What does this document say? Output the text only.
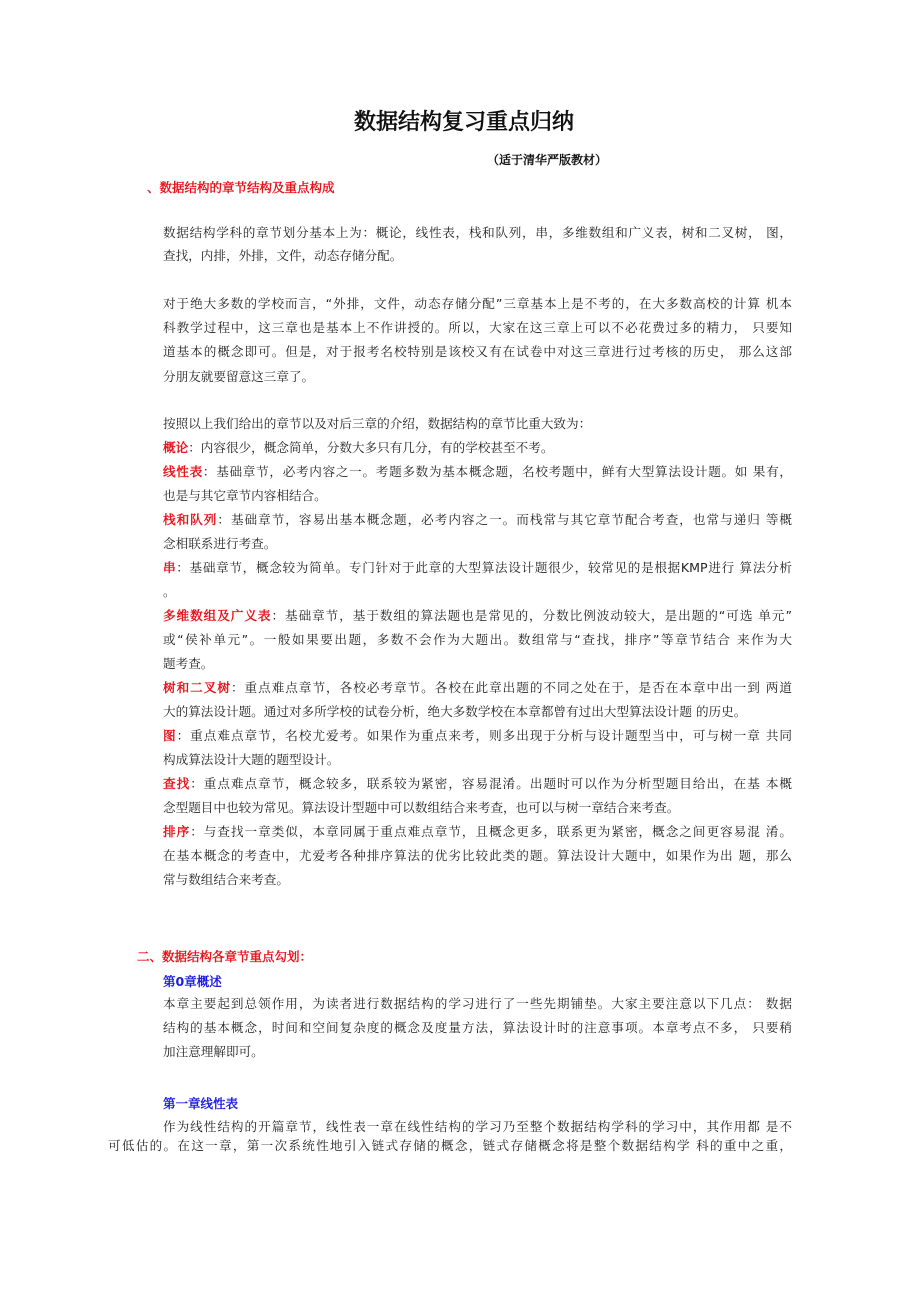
数据结构复习重点归纳
（适于清华严版教材）
、数据结构的章节结构及重点构成
二、数据结构各章节重点勾划：
第0章概述
第一章线性表
数据结构学科的章节划分基本上为：概论，线性表，栈和队列，串，多维数组和广义表，树和二叉树， 图，
查找，内排，外排，文件，动态存储分配。
对于绝大多数的学校而言，“外排，文件，动态存储分配”三章基本上是不考的，在大多数高校的计算 机本
科教学过程中，这三章也是基本上不作讲授的。所以，大家在这三章上可以不必花费过多的精力， 只要知
道基本的概念即可。但是，对于报考名校特别是该校又有在试卷中对这三章进行过考核的历史， 那么这部
分朋友就要留意这三章了。
按照以上我们给出的章节以及对后三章的介绍，数据结构的章节比重大致为：
概论：内容很少，概念简单，分数大多只有几分，有的学校甚至不考。
线性表：基础章节，必考内容之一。考题多数为基本概念题，名校考题中，鲜有大型算法设计题。如 果有，
也是与其它章节内容相结合。
栈和队列：基础章节，容易出基本概念题，必考内容之一。而栈常与其它章节配合考查，也常与递归 等概
念相联系进行考查。
串：基础章节，概念较为简单。专门针对于此章的大型算法设计题很少，较常见的是根据KMP进行 算法分析
。
多维数组及广义表：基础章节，基于数组的算法题也是常见的，分数比例波动较大，是出题的“可选 单元”
或“侯补单元”。一般如果要出题，多数不会作为大题出。数组常与“查找，排序”等章节结合 来作为大
题考查。
树和二叉树：重点难点章节，各校必考章节。各校在此章出题的不同之处在于，是否在本章中出一到 两道
大的算法设计题。通过对多所学校的试卷分析，绝大多数学校在本章都曾有过出大型算法设计题 的历史。
图：重点难点章节，名校尤爱考。如果作为重点来考，则多出现于分析与设计题型当中，可与树一章 共同
构成算法设计大题的题型设计。
查找：重点难点章节，概念较多，联系较为紧密，容易混淆。出题时可以作为分析型题目给出，在基 本概
念型题目中也较为常见。算法设计型题中可以数组结合来考查，也可以与树一章结合来考查。
排序：与查找一章类似，本章同属于重点难点章节，且概念更多，联系更为紧密，概念之间更容易混 淆。
在基本概念的考查中，尤爱考各种排序算法的优劣比较此类的题。算法设计大题中，如果作为出 题，那么
常与数组结合来考查。
本章主要起到总领作用，为读者进行数据结构的学习进行了一些先期铺垫。大家主要注意以下几点： 数据
结构的基本概念，时间和空间复杂度的概念及度量方法，算法设计时的注意事项。本章考点不多， 只要稍
加注意理解即可。
作为线性结构的开篇章节，线性表一章在线性结构的学习乃至整个数据结构学科的学习中，其作用都 是不
可低估的。在这一章，第一次系统性地引入链式存储的概念，链式存储概念将是整个数据结构学 科的重中之重，
